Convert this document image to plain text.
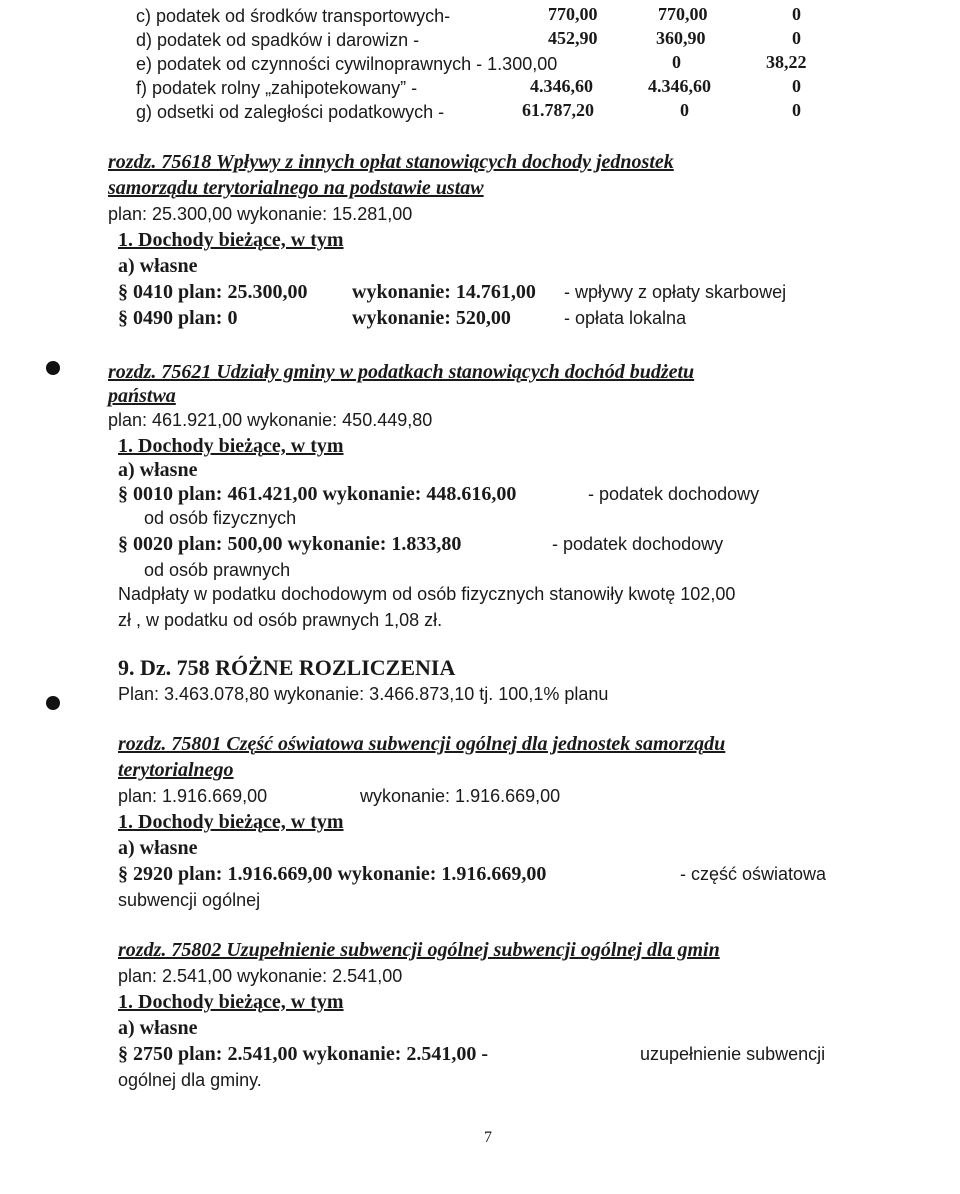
c) podatek od środków transportowych-	770,00	770,00	0
d) podatek od spadków i darowizn -	452,90	360,90	0
e) podatek od czynności cywilnoprawnych - 1.300,00	0	38,22
f) podatek rolny „zahipotekowany” -	4.346,60	4.346,60	0
g) odsetki od zaległości podatkowych -	61.787,20	0	0
rozdz. 75618 Wpływy z innych opłat stanowiących dochody jednostek
samorządu terytorialnego na podstawie ustaw
plan: 25.300,00 wykonanie: 15.281,00
1. Dochody bieżące, w tym
a) własne
§ 0410 plan: 25.300,00 wykonanie: 14.761,00 - wpływy z opłaty skarbowej
§ 0490 plan: 0	wykonanie: 520,00	- opłata lokalna
rozdz. 75621 Udziały gminy w podatkach stanowiących dochód budżetu
państwa
plan: 461.921,00 wykonanie: 450.449,80
1. Dochody bieżące, w tym
a) własne
§ 0010 plan: 461.421,00 wykonanie: 448.616,00	- podatek dochodowy
od osób fizycznych
§ 0020 plan: 500,00 wykonanie: 1.833,80	- podatek dochodowy
od osób prawnych
Nadpłaty w podatku dochodowym od osób fizycznych stanowiły kwotę 102,00
zł , w podatku od osób prawnych 1,08 zł.
9. Dz. 758 RÓŻNE ROZLICZENIA
Plan: 3.463.078,80 wykonanie: 3.466.873,10 tj. 100,1% planu
rozdz. 75801 Część oświatowa subwencji ogólnej dla jednostek samorządu
terytorialnego
plan: 1.916.669,00	wykonanie: 1.916.669,00
1. Dochody bieżące, w tym
a) własne
§ 2920 plan: 1.916.669,00 wykonanie: 1.916.669,00	- część oświatowa
subwencji ogólnej
rozdz. 75802 Uzupełnienie subwencji ogólnej subwencji ogólnej dla gmin
plan: 2.541,00 wykonanie: 2.541,00
1. Dochody bieżące, w tym
a) własne
§ 2750 plan: 2.541,00 wykonanie: 2.541,00 -	uzupełnienie subwencji
ogólnej dla gminy.
7
